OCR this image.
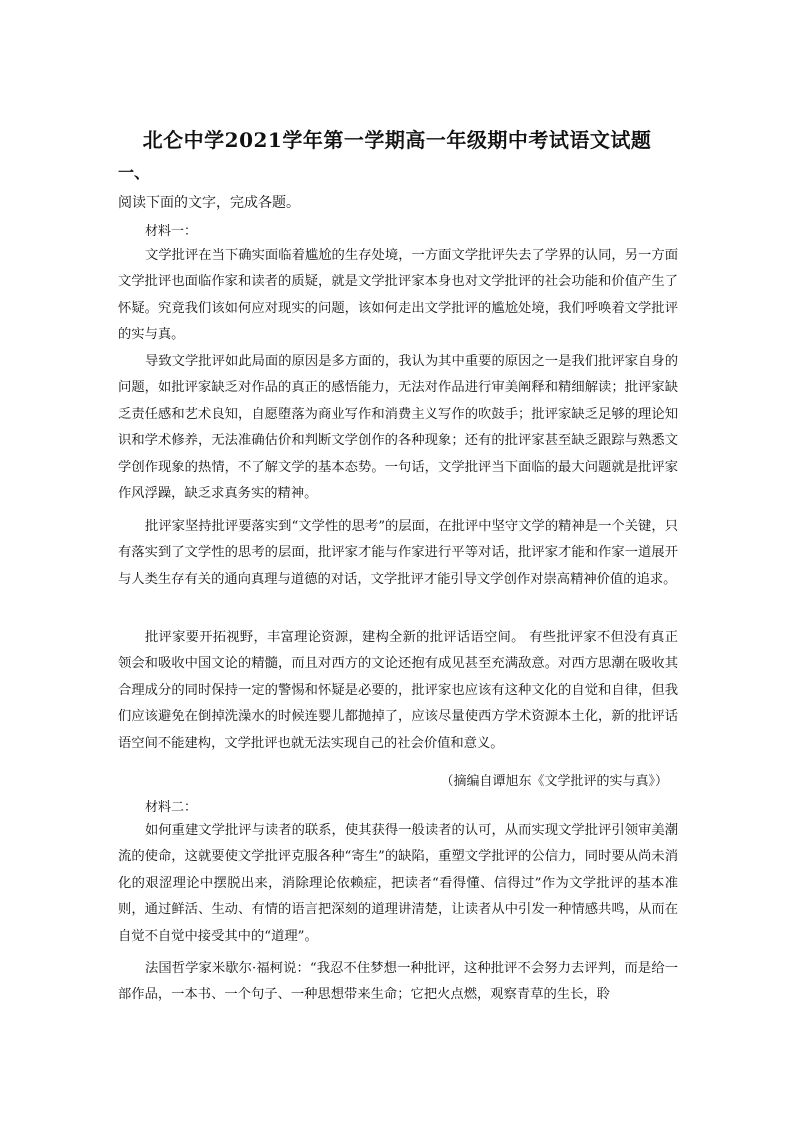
北仑中学2021学年第一学期高一年级期中考试语文试题
一、
阅读下面的文字，完成各题。
材料一：

文学批评在当下确实面临着尴尬的生存处境，一方面文学批评失去了学界的认同，另一方面文学批评也面临作家和读者的质疑，就是文学批评家本身也对文学批评的社会功能和价值产生了怀疑。究竟我们该如何应对现实的问题，该如何走出文学批评的尴尬处境，我们呼唤着文学批评的实与真。

导致文学批评如此局面的原因是多方面的，我认为其中重要的原因之一是我们批评家自身的问题，如批评家缺乏对作品的真正的感悟能力，无法对作品进行审美阐释和精细解读；批评家缺乏责任感和艺术良知，自愿堕落为商业写作和消费主义写作的吹鼓手；批评家缺乏足够的理论知识和学术修养，无法准确估价和判断文学创作的各种现象；还有的批评家甚至缺乏跟踪与熟悉文学创作现象的热情，不了解文学的基本态势。一句话，文学批评当下面临的最大问题就是批评家作风浮躁，缺乏求真务实的精神。

批评家坚持批评要落实到“文学性的思考”的层面，在批评中坚守文学的精神是一个关键，只有落实到了文学性的思考的层面，批评家才能与作家进行平等对话，批评家才能和作家一道展开与人类生存有关的通向真理与道德的对话，文学批评才能引导文学创作对崇高精神价值的追求。

批评家要开拓视野，丰富理论资源，建构全新的批评话语空间。 有些批评家不但没有真正领会和吸收中国文论的精髓，而且对西方的文论还抱有成见甚至充满敌意。对西方思潮在吸收其合理成分的同时保持一定的警惕和怀疑是必要的，批评家也应该有这种文化的自觉和自律，但我们应该避免在倒掉洗澡水的时候连婴儿都抛掉了，应该尽量使西方学术资源本土化，新的批评话语空间不能建构，文学批评也就无法实现自己的社会价值和意义。

（摘编自谭旭东《文学批评的实与真》）
材料二：

如何重建文学批评与读者的联系，使其获得一般读者的认可，从而实现文学批评引领审美潮流的使命，这就要使文学批评克服各种“寄生”的缺陷，重塑文学批评的公信力，同时要从尚未消化的艰涩理论中摆脱出来，消除理论依赖症，把读者“看得懂、信得过”作为文学批评的基本准则，通过鲜活、生动、有情的语言把深刻的道理讲清楚，让读者从中引发一种情感共鸣，从而在自觉不自觉中接受其中的“道理”。

法国哲学家米歇尔·福柯说：“我忍不住梦想一种批评，这种批评不会努力去评判，而是给一部作品，一本书、一个句子、一种思想带来生命；它把火点燃，观察青草的生长，聆
